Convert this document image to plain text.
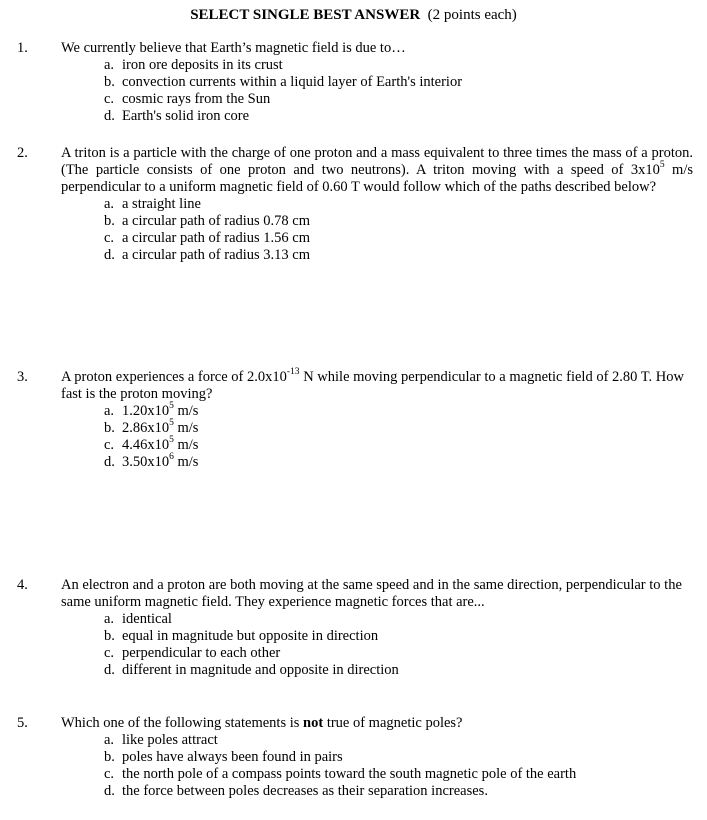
SELECT SINGLE BEST ANSWER (2 points each)
1. We currently believe that Earth’s magnetic field is due to…
a. iron ore deposits in its crust
b. convection currents within a liquid layer of Earth's interior
c. cosmic rays from the Sun
d. Earth's solid iron core
2. A triton is a particle with the charge of one proton and a mass equivalent to three times the mass of a proton. (The particle consists of one proton and two neutrons). A triton moving with a speed of $3x10^5$ m/s perpendicular to a uniform magnetic field of 0.60 T would follow which of the paths described below?
a. a straight line
b. a circular path of radius 0.78 cm
c. a circular path of radius 1.56 cm
d. a circular path of radius 3.13 cm
3. A proton experiences a force of $2.0x10^{-13}$ N while moving perpendicular to a magnetic field of 2.80 T. How fast is the proton moving?
a. $1.20x10^5$ m/s
b. $2.86x10^5$ m/s
c. $4.46x10^5$ m/s
d. $3.50x10^6$ m/s
4. An electron and a proton are both moving at the same speed and in the same direction, perpendicular to the same uniform magnetic field. They experience magnetic forces that are...
a. identical
b. equal in magnitude but opposite in direction
c. perpendicular to each other
d. different in magnitude and opposite in direction
5. Which one of the following statements is not true of magnetic poles?
a. like poles attract
b. poles have always been found in pairs
c. the north pole of a compass points toward the south magnetic pole of the earth
d. the force between poles decreases as their separation increases.
